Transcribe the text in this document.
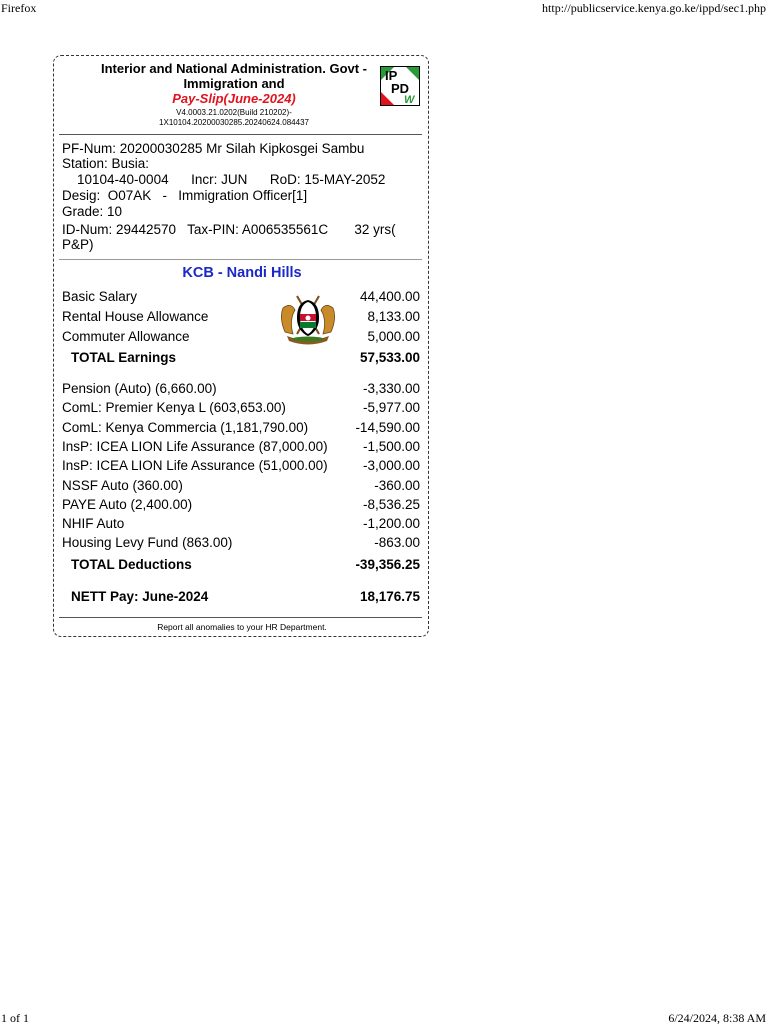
Firefox	http://publicservice.kenya.go.ke/ippd/sec1.php
Interior and National Administration. Govt - Immigration and
Pay-Slip(June-2024)
V4.0003.21.0202(Build 210202)-
1X10104.20200030285.20240624.084437
IP
PD
W
PF-Num: 20200030285 Mr Silah Kipkosgei Sambu
Station: Busia:
10104-40-0004      Incr: JUN      RoD: 15-MAY-2052
Desig:  O07AK   -   Immigration Officer[1]
Grade: 10
ID-Num: 29442570   Tax-PIN: A006535561C       32 yrs(
P&P)
KCB - Nandi Hills
Basic Salary	44,400.00
Rental House Allowance	8,133.00
Commuter Allowance	5,000.00
TOTAL Earnings	57,533.00
Pension (Auto) (6,660.00)	-3,330.00
ComL: Premier Kenya L (603,653.00)	-5,977.00
ComL: Kenya Commercia (1,181,790.00)	-14,590.00
InsP: ICEA LION Life Assurance (87,000.00)	-1,500.00
InsP: ICEA LION Life Assurance (51,000.00)	-3,000.00
NSSF Auto (360.00)	-360.00
PAYE Auto (2,400.00)	-8,536.25
NHIF Auto	-1,200.00
Housing Levy Fund (863.00)	-863.00
TOTAL Deductions	-39,356.25
NETT Pay: June-2024	18,176.75
Report all anomalies to your HR Department.
1 of 1	6/24/2024, 8:38 AM
